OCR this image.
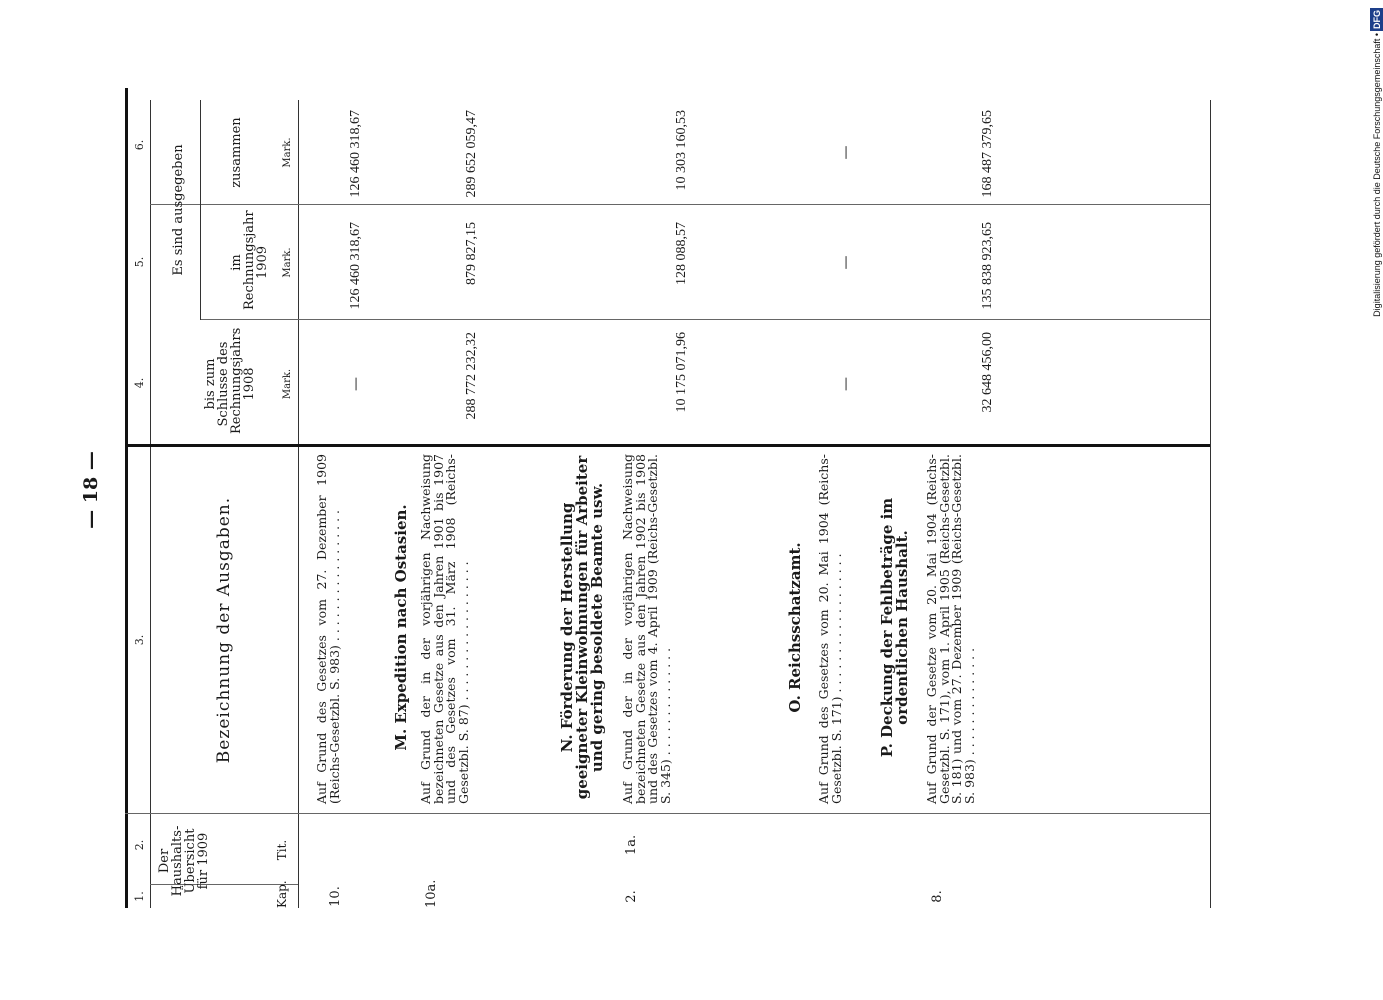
— 18 —
1.
2.
3.
4.
5.
6.
Der Haushalts-Übersicht für 1909
Kap.
Tit.
Bezeichnung der Ausgaben.
Es sind ausgegeben
bis zum Schlusse des Rechnungsjahrs 1908
im Rechnungsjahr 1909
zusammen
Mark.
Mark.
Mark.
10.
Auf Grund des Gesetzes vom 27. Dezember 1909 (Reichs-Gesetzbl. S. 983) . . . . . . . . . . . . . . . . .
—
126 460 318,67
126 460 318,67
M. Expedition nach Ostasien.
10a.
Auf Grund der in der vorjährigen Nachweisung bezeichneten Gesetze aus den Jahren 1901 bis 1907 und des Gesetzes vom 31. März 1908 (Reichs-Gesetzbl. S. 87) . . . . . . . . . . . . . . . . . .
288 772 232,32
879 827,15
289 652 059,47
N. Förderung der Herstellung geeigneter Kleinwohnungen für Arbeiter und gering besoldete Beamte usw.
2.
1a.
Auf Grund der in der vorjährigen Nachweisung bezeichneten Gesetze aus den Jahren 1902 bis 1908 und des Gesetzes vom 4. April 1909 (Reichs-Gesetzbl. S. 345) . . . . . . . . . . . . . .
10 175 071,96
128 088,57
10 303 160,53
O. Reichsschatzamt. Auf Grund des Gesetzes vom 20. Mai 1904 (Reichs-Gesetzbl. S. 171) . . . . . . . . . . . . . . . . . .
—
—
—
P. Deckung der Fehlbeträge im ordentlichen Haushalt.
8.
Auf Grund der Gesetze vom 20. Mai 1904 (Reichs-Gesetzbl. S. 171), vom 1. April 1905 (Reichs-Gesetzbl. S. 181) und vom 27. Dezember 1909 (Reichs-Gesetzbl. S. 983) . . . . . . . . . . . . . .
32 648 456,00
135 838 923,65
168 487 379,65	Digitalisierung gefördert durch die Deutsche Forschungsgemeinschaft •DFG
